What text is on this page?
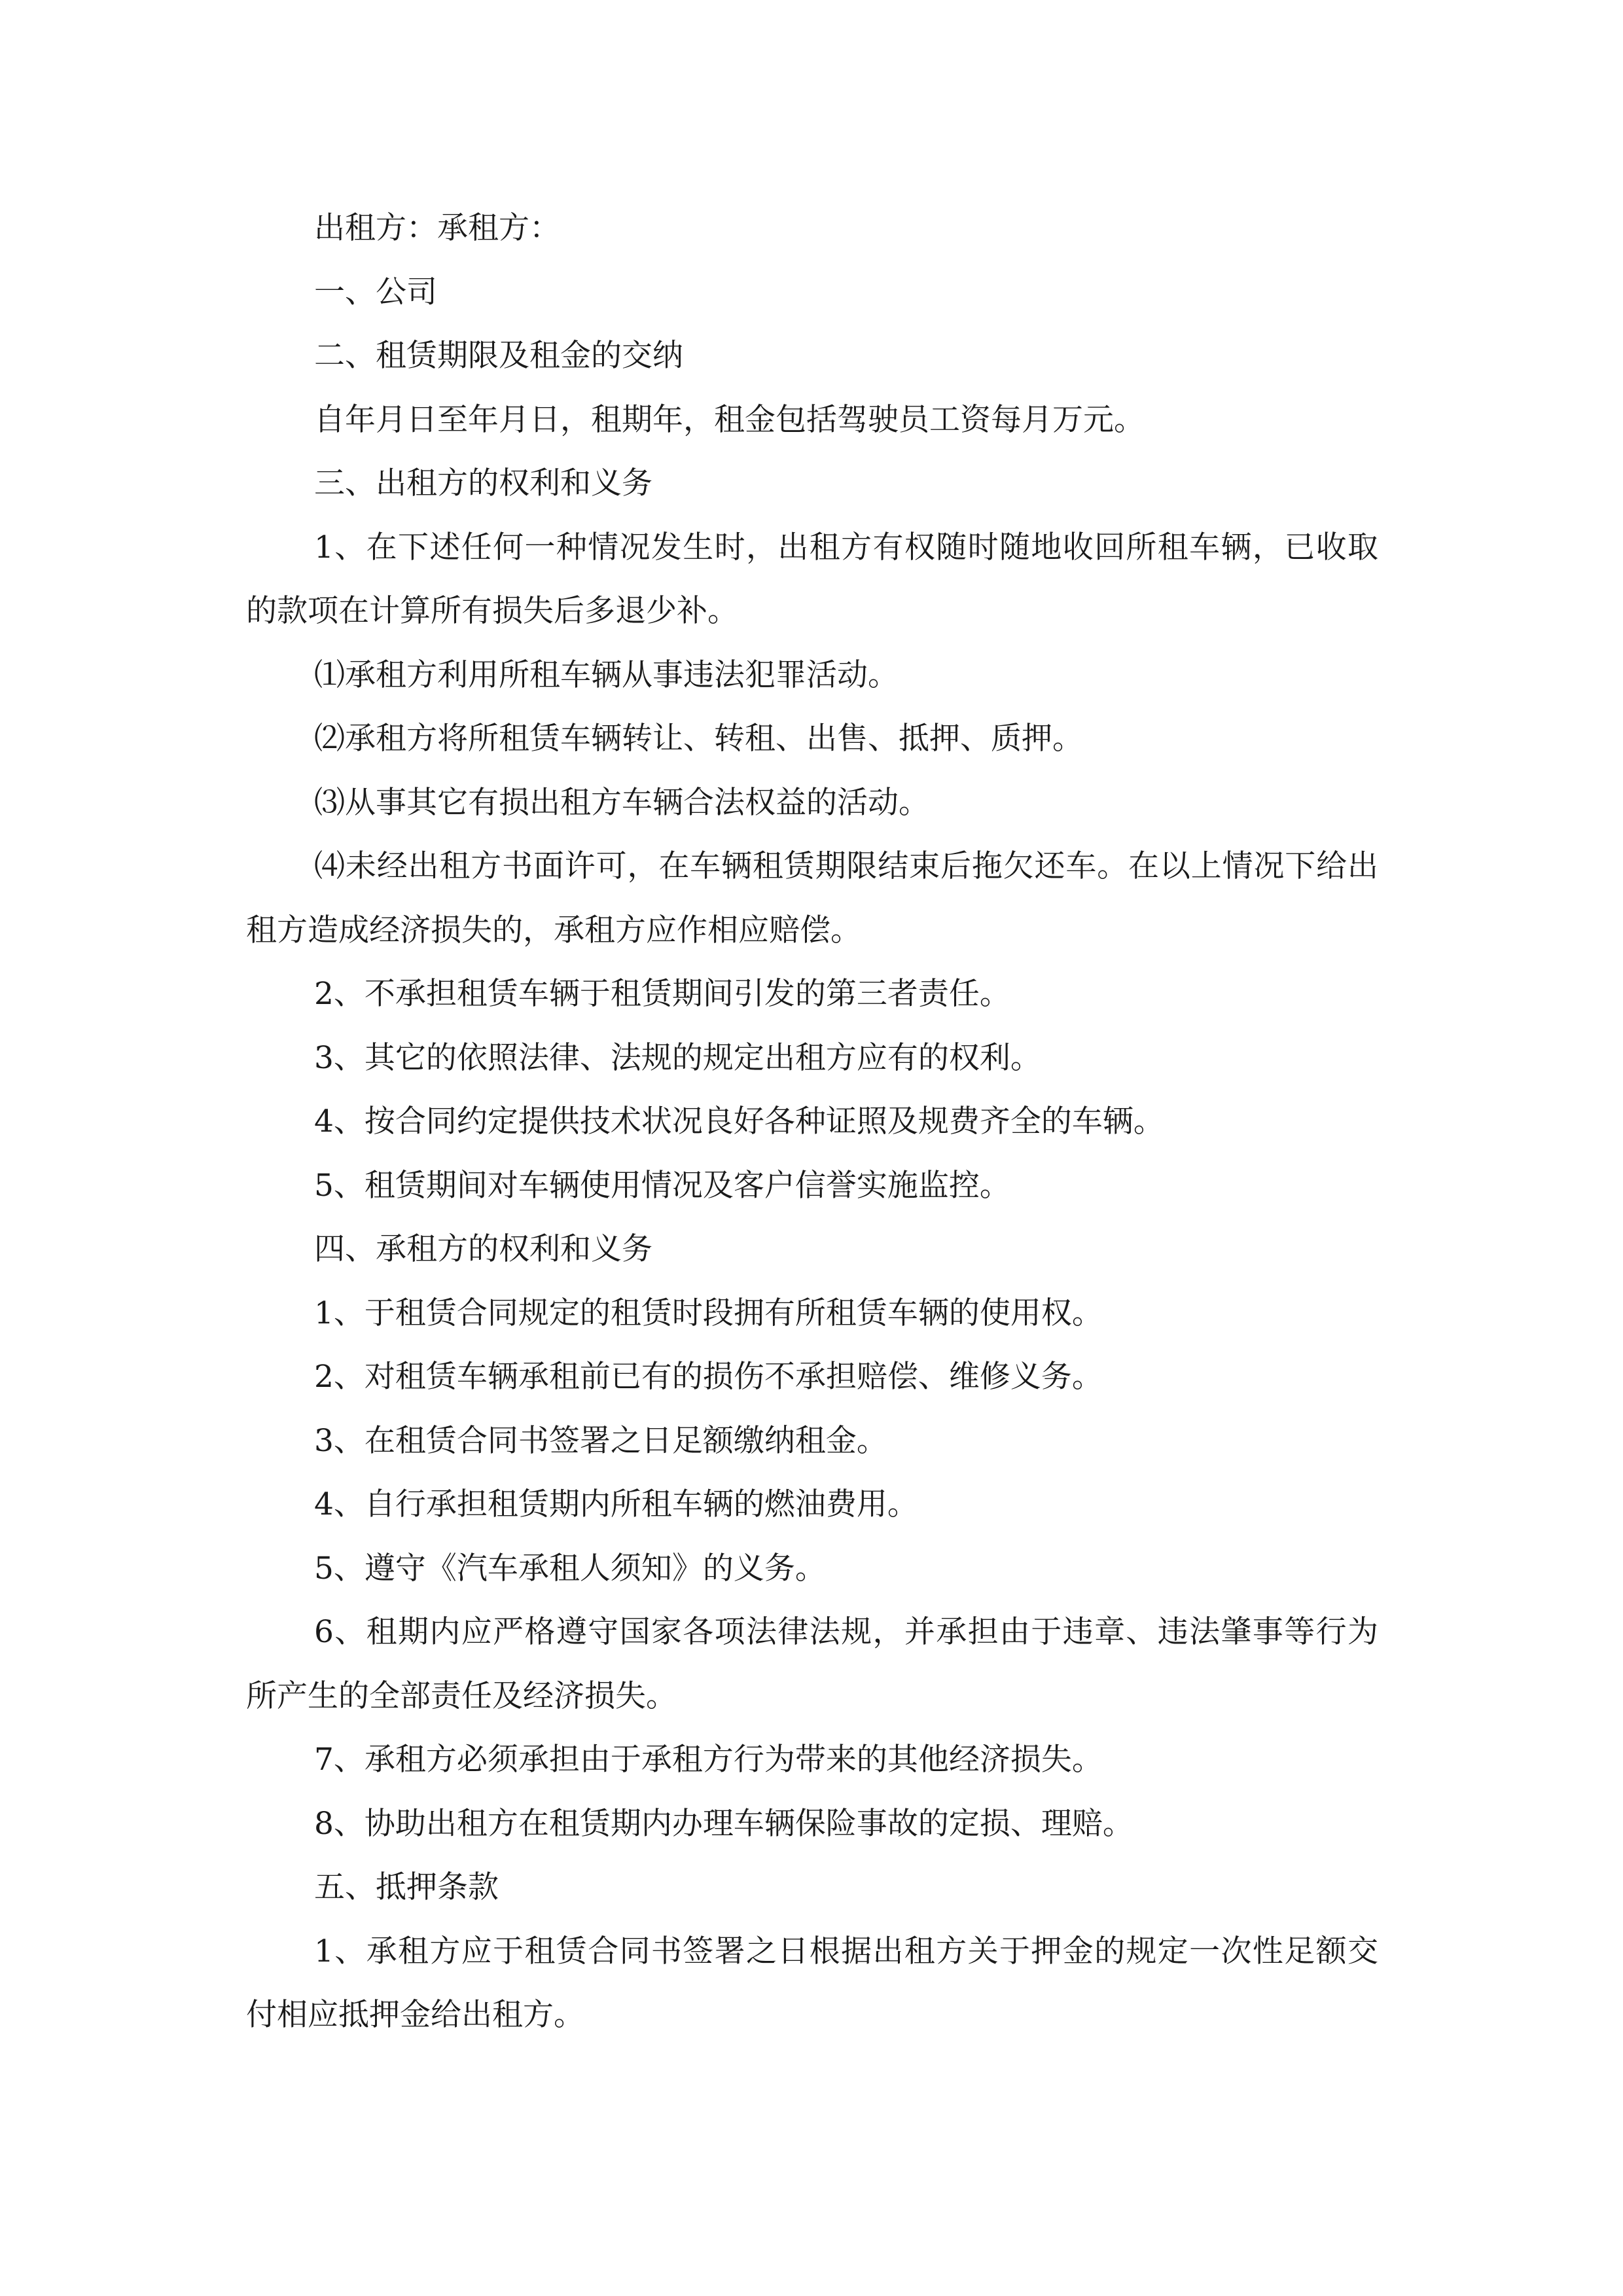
出租方：承租方：

一、公司

二、租赁期限及租金的交纳

自年月日至年月日，租期年，租金包括驾驶员工资每月万元。

三、出租方的权利和义务

1、在下述任何一种情况发生时，出租方有权随时随地收回所租车辆，已收取的款项在计算所有损失后多退少补。

⑴承租方利用所租车辆从事违法犯罪活动。

⑵承租方将所租赁车辆转让、转租、出售、抵押、质押。

⑶从事其它有损出租方车辆合法权益的活动。

⑷未经出租方书面许可，在车辆租赁期限结束后拖欠还车。在以上情况下给出租方造成经济损失的，承租方应作相应赔偿。

2、不承担租赁车辆于租赁期间引发的第三者责任。

3、其它的依照法律、法规的规定出租方应有的权利。

4、按合同约定提供技术状况良好各种证照及规费齐全的车辆。

5、租赁期间对车辆使用情况及客户信誉实施监控。

四、承租方的权利和义务

1、于租赁合同规定的租赁时段拥有所租赁车辆的使用权。

2、对租赁车辆承租前已有的损伤不承担赔偿、维修义务。

3、在租赁合同书签署之日足额缴纳租金。

4、自行承担租赁期内所租车辆的燃油费用。

5、遵守《汽车承租人须知》的义务。

6、租期内应严格遵守国家各项法律法规，并承担由于违章、违法肇事等行为所产生的全部责任及经济损失。

7、承租方必须承担由于承租方行为带来的其他经济损失。

8、协助出租方在租赁期内办理车辆保险事故的定损、理赔。

五、抵押条款

1、承租方应于租赁合同书签署之日根据出租方关于押金的规定一次性足额交付相应抵押金给出租方。
